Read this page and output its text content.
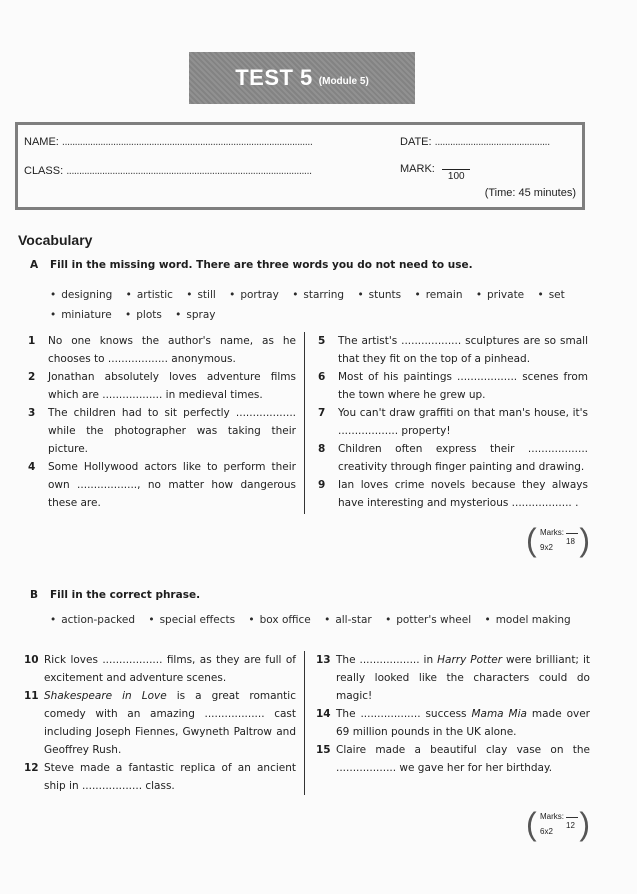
TEST 5 (Module 5)
NAME: ..................................................................................................	DATE: .............................................
CLASS: ................................................................................................	MARK:
100
(Time: 45 minutes)
Vocabulary
A	Fill in the missing word. There are three words you do not need to use.
• designing • artistic • still • portray • starring • stunts • remain • private • set • miniature • plots • spray
1	No one knows the author's name, as he chooses to .................. anonymous.
2	Jonathan absolutely loves adventure films which are .................. in medieval times.
3	The children had to sit perfectly .................. while the photographer was taking their picture.
4	Some Hollywood actors like to perform their own .................., no matter how dangerous these are.
5	The artist's .................. sculptures are so small that they fit on the top of a pinhead.
6	Most of his paintings .................. scenes from the town where he grew up.
7	You can't draw graffiti on that man's house, it's .................. property!
8	Children often express their .................. creativity through finger painting and drawing.
9	Ian loves crime novels because they always have interesting and mysterious .................. .
( Marks:
18
9x2 )
B	Fill in the correct phrase.
• action-packed • special effects • box office • all-star • potter's wheel • model making
10 Rick loves .................. films, as they are full of excitement and adventure scenes.
11 Shakespeare in Love is a great romantic comedy with an amazing .................. cast including Joseph Fiennes, Gwyneth Paltrow and Geoffrey Rush.
12 Steve made a fantastic replica of an ancient ship in .................. class.
13 The .................. in Harry Potter were brilliant; it really looked like the characters could do magic!
14 The .................. success Mama Mia made over 69 million pounds in the UK alone.
15 Claire made a beautiful clay vase on the .................. we gave her for her birthday.
( Marks:
12
6x2 )
